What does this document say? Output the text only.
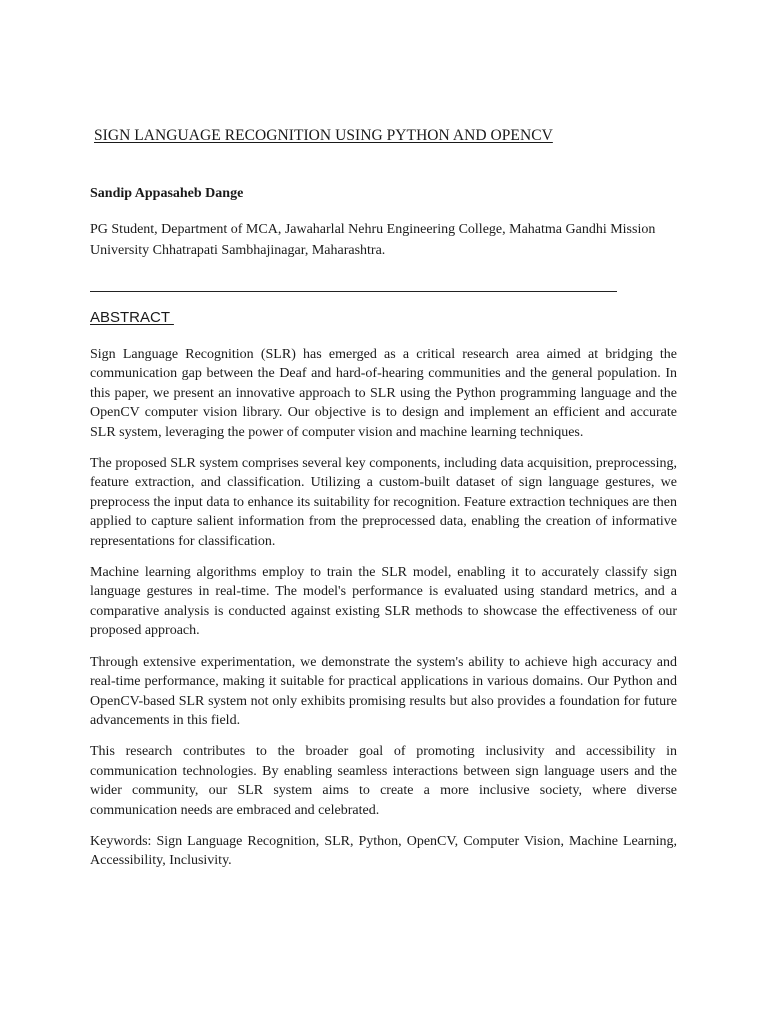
SIGN LANGUAGE RECOGNITION USING PYTHON AND OPENCV

Sandip Appasaheb Dange

PG Student, Department of MCA, Jawaharlal Nehru Engineering College, Mahatma Gandhi Mission University Chhatrapati Sambhajinagar, Maharashtra.

ABSTRACT

Sign Language Recognition (SLR) has emerged as a critical research area aimed at bridging the communication gap between the Deaf and hard-of-hearing communities and the general population. In this paper, we present an innovative approach to SLR using the Python programming language and the OpenCV computer vision library. Our objective is to design and implement an efficient and accurate SLR system, leveraging the power of computer vision and machine learning techniques.

The proposed SLR system comprises several key components, including data acquisition, preprocessing, feature extraction, and classification. Utilizing a custom-built dataset of sign language gestures, we preprocess the input data to enhance its suitability for recognition. Feature extraction techniques are then applied to capture salient information from the preprocessed data, enabling the creation of informative representations for classification.

Machine learning algorithms employ to train the SLR model, enabling it to accurately classify sign language gestures in real-time. The model's performance is evaluated using standard metrics, and a comparative analysis is conducted against existing SLR methods to showcase the effectiveness of our proposed approach.

Through extensive experimentation, we demonstrate the system's ability to achieve high accuracy and real-time performance, making it suitable for practical applications in various domains. Our Python and OpenCV-based SLR system not only exhibits promising results but also provides a foundation for future advancements in this field.

This research contributes to the broader goal of promoting inclusivity and accessibility in communication technologies. By enabling seamless interactions between sign language users and the wider community, our SLR system aims to create a more inclusive society, where diverse communication needs are embraced and celebrated.

Keywords: Sign Language Recognition, SLR, Python, OpenCV, Computer Vision, Machine Learning, Accessibility, Inclusivity.
